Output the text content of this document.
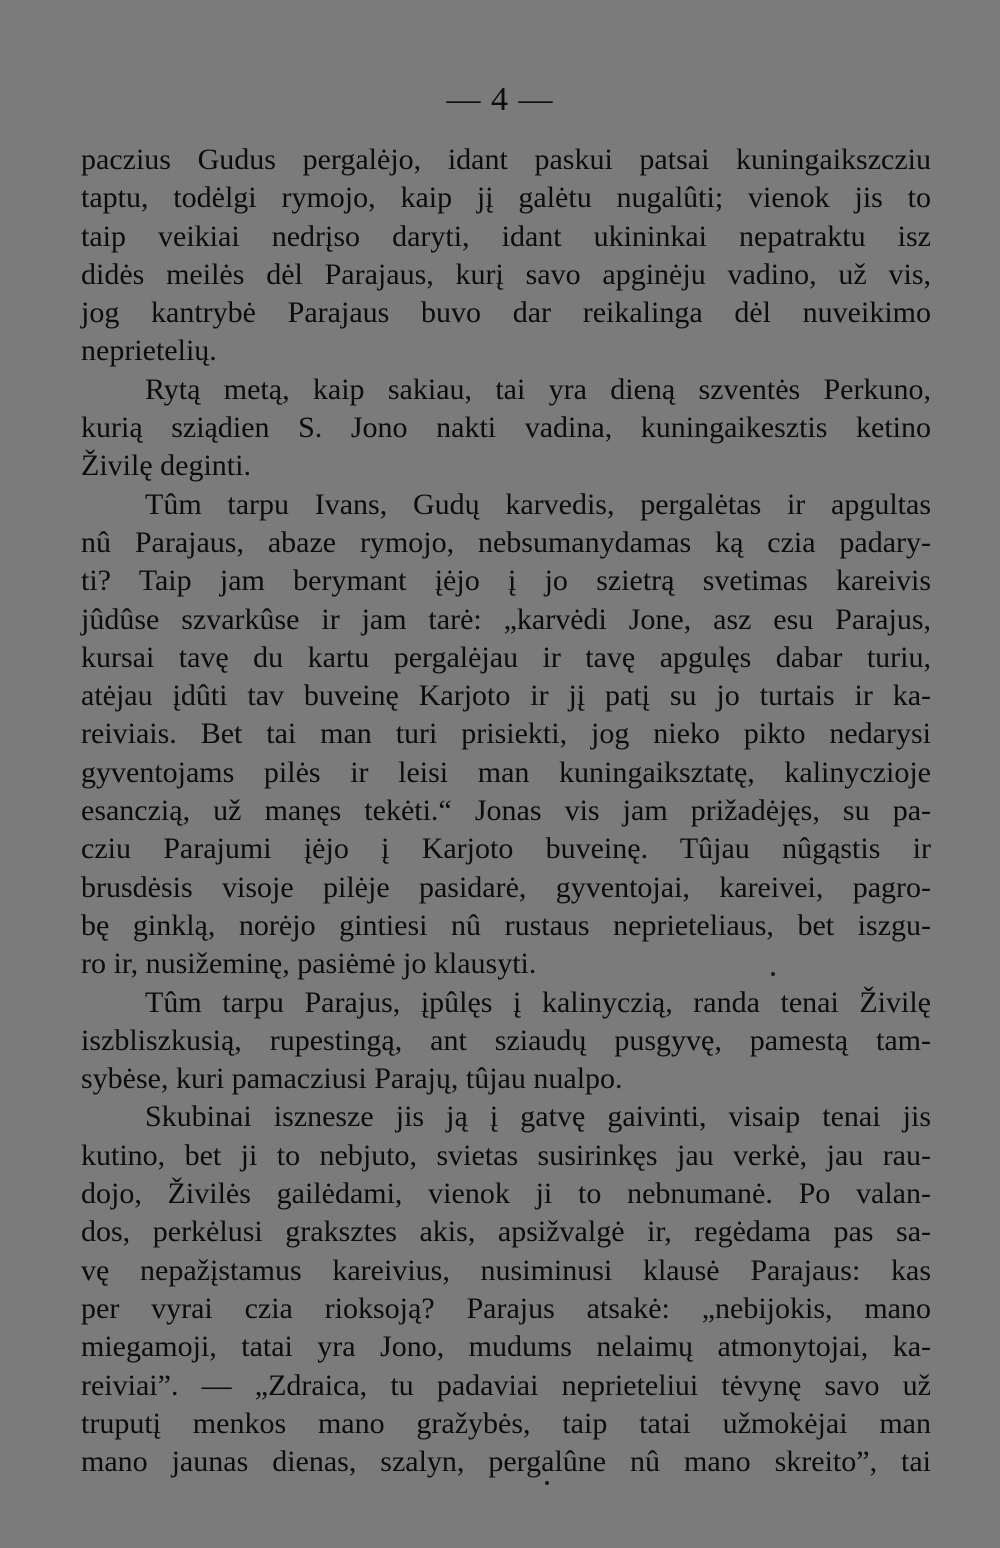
— 4 —
paczius Gudus pergalėjo, idant paskui patsai kuningaikszcziu
taptu, todėlgi rymojo, kaip jį galėtu nugalûti; vienok jis to
taip veikiai nedrįso daryti, idant ukininkai nepatraktu isz
didės meilės dėl Parajaus, kurį savo apginėju vadino, už vis,
jog kantrybė Parajaus buvo dar reikalinga dėl nuveikimo
neprietelių.
Rytą metą, kaip sakiau, tai yra dieną szventės Perkuno,
kurią sziądien S. Jono nakti vadina, kuningaikesztis ketino
Živilę deginti.
Tûm tarpu Ivans, Gudų karvedis, pergalėtas ir apgultas
nû Parajaus, abaze rymojo, nebsumanydamas ką czia padary-
ti? Taip jam berymant įėjo į jo szietrą svetimas kareivis
jûdûse szvarkûse ir jam tarė: „karvėdi Jone, asz esu Parajus,
kursai tavę du kartu pergalėjau ir tavę apgulęs dabar turiu,
atėjau įdûti tav buveinę Karjoto ir jį patį su jo turtais ir ka-
reiviais. Bet tai man turi prisiekti, jog nieko pikto nedarysi
gyventojams pilės ir leisi man kuningaiksztatę, kalinyczioje
esanczią, už manęs tekėti.“ Jonas vis jam prižadėjęs, su pa-
cziu Parajumi įėjo į Karjoto buveinę. Tûjau nûgąstis ir
brusdėsis visoje pilėje pasidarė, gyventojai, kareivei, pagro-
bę ginklą, norėjo gintiesi nû rustaus neprieteliaus, bet iszgu-
ro ir, nusižeminę, pasiėmė jo klausyti.
Tûm tarpu Parajus, įpûlęs į kalinyczią, randa tenai Živilę
iszbliszkusią, rupestingą, ant sziaudų pusgyvę, pamestą tam-
sybėse, kuri pamacziusi Parajų, tûjau nualpo.
Skubinai isznesze jis ją į gatvę gaivinti, visaip tenai jis
kutino, bet ji to nebjuto, svietas susirinkęs jau verkė, jau rau-
dojo, Živilės gailėdami, vienok ji to nebnumanė. Po valan-
dos, perkėlusi graksztes akis, apsižvalgė ir, regėdama pas sa-
vę nepažįstamus kareivius, nusiminusi klausė Parajaus: kas
per vyrai czia rioksoją? Parajus atsakė: „nebijokis, mano
miegamoji, tatai yra Jono, mudums nelaimų atmonytojai, ka-
reiviai”. — „Zdraica, tu padaviai neprieteliui tėvynę savo už
truputį menkos mano gražybės, taip tatai užmokėjai man
mano jaunas dienas, szalyn, pergalûne nû mano skreito”, tai
